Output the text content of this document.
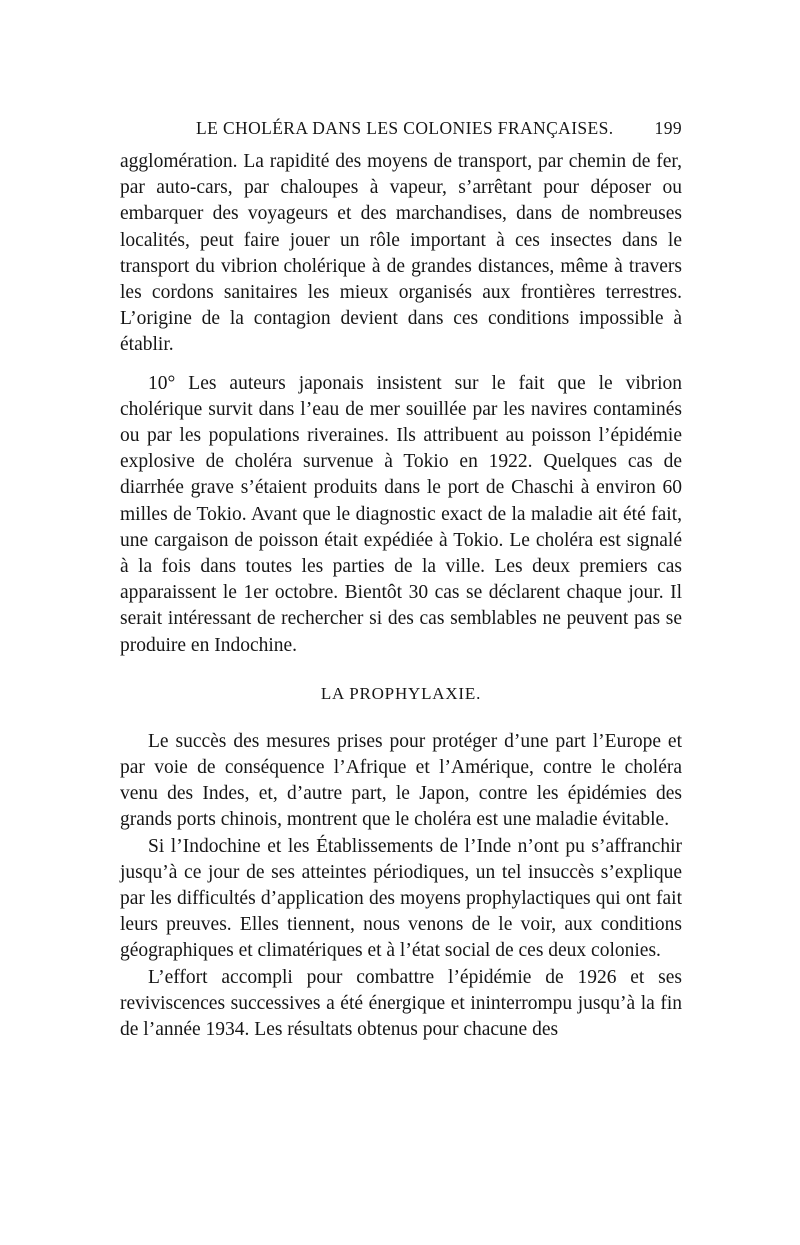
LE CHOLÉRA DANS LES COLONIES FRANÇAISES. 199

agglomération. La rapidité des moyens de transport, par chemin de fer, par auto-cars, par chaloupes à vapeur, s’arrêtant pour déposer ou embarquer des voyageurs et des marchandises, dans de nombreuses localités, peut faire jouer un rôle important à ces insectes dans le transport du vibrion cholérique à de grandes distances, même à travers les cordons sanitaires les mieux organisés aux frontières terrestres. L’origine de la contagion devient dans ces conditions impossible à établir.

10° Les auteurs japonais insistent sur le fait que le vibrion cholérique survit dans l’eau de mer souillée par les navires contaminés ou par les populations riveraines. Ils attribuent au poisson l’épidémie explosive de choléra survenue à Tokio en 1922. Quelques cas de diarrhée grave s’étaient produits dans le port de Chaschi à environ 60 milles de Tokio. Avant que le diagnostic exact de la maladie ait été fait, une cargaison de poisson était expédiée à Tokio. Le choléra est signalé à la fois dans toutes les parties de la ville. Les deux premiers cas apparaissent le 1er octobre. Bientôt 30 cas se déclarent chaque jour. Il serait intéressant de rechercher si des cas semblables ne peuvent pas se produire en Indochine.

LA PROPHYLAXIE.

Le succès des mesures prises pour protéger d’une part l’Europe et par voie de conséquence l’Afrique et l’Amérique, contre le choléra venu des Indes, et, d’autre part, le Japon, contre les épidémies des grands ports chinois, montrent que le choléra est une maladie évitable.

Si l’Indochine et les Établissements de l’Inde n’ont pu s’affranchir jusqu’à ce jour de ses atteintes périodiques, un tel insuccès s’explique par les difficultés d’application des moyens prophylactiques qui ont fait leurs preuves. Elles tiennent, nous venons de le voir, aux conditions géographiques et climatériques et à l’état social de ces deux colonies.

L’effort accompli pour combattre l’épidémie de 1926 et ses reviviscences successives a été énergique et ininterrompu jusqu’à la fin de l’année 1934. Les résultats obtenus pour chacune des
